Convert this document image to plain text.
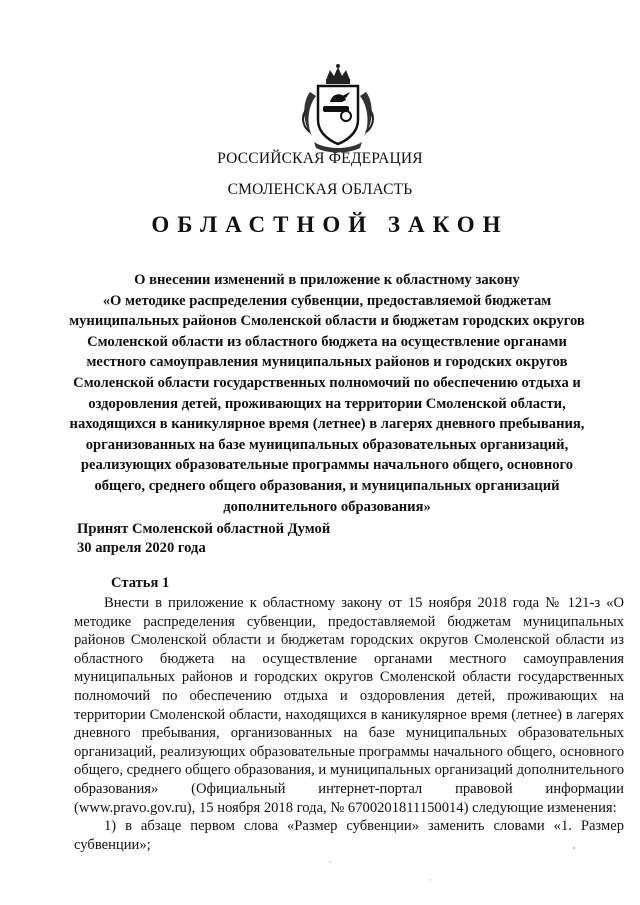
РОССИЙСКАЯ ФЕДЕРАЦИЯ
СМОЛЕНСКАЯ ОБЛАСТЬ
ОБЛАСТНОЙ ЗАКОН

О внесении изменений в приложение к областному закону

«О методике распределения субвенции, предоставляемой бюджетам

муниципальных районов Смоленской области и бюджетам городских округов

Смоленской области из областного бюджета на осуществление органами

местного самоуправления муниципальных районов и городских округов

Смоленской области государственных полномочий по обеспечению отдыха и

оздоровления детей, проживающих на территории Смоленской области,

находящихся в каникулярное время (летнее) в лагерях дневного пребывания,

организованных на базе муниципальных образовательных организаций,

реализующих образовательные программы начального общего, основного

общего, среднего общего образования, и муниципальных организаций

дополнительного образования»

Принят Смоленской областной Думой

30 апреля 2020 года

Статья 1

Внести в приложение к областному закону от 15 ноября 2018 года № 121-з «О методике распределения субвенции, предоставляемой бюджетам муниципальных районов Смоленской области и бюджетам городских округов Смоленской области из областного бюджета на осуществление органами местного самоуправления муниципальных районов и городских округов Смоленской области государственных полномочий по обеспечению отдыха и оздоровления детей, проживающих на территории Смоленской области, находящихся в каникулярное время (летнее) в лагерях дневного пребывания, организованных на базе муниципальных образовательных организаций, реализующих образовательные программы начального общего, основного общего, среднего общего образования, и муниципальных организаций дополнительного образования» (Официальный интернет-портал правовой информации (www.pravo.gov.ru), 15 ноября 2018 года, № 6700201811150014) следующие изменения:

1) в абзаце первом слова «Размер субвенции» заменить словами «1. Размер субвенции»;
